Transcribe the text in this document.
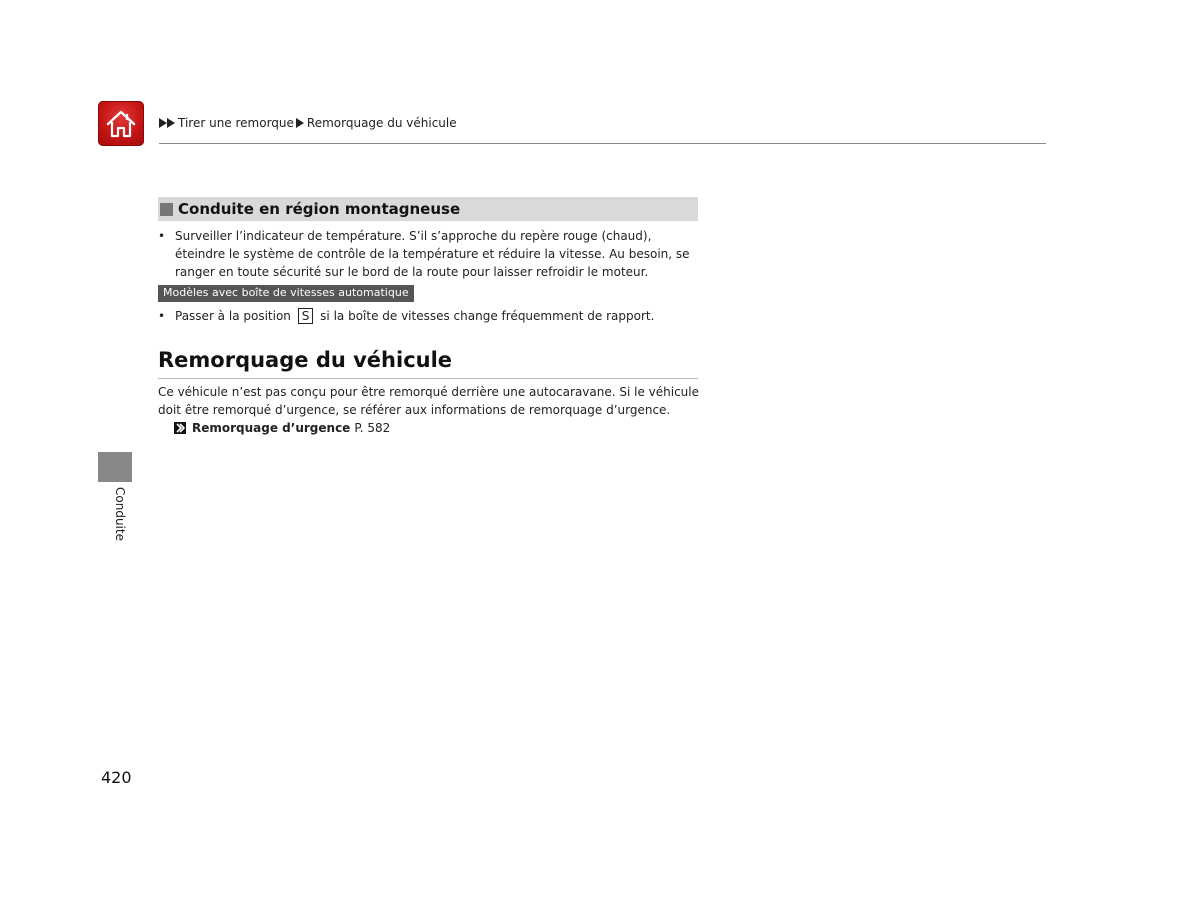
Tirer une remorque Remorquage du véhicule
Conduite en région montagneuse
• Surveiller l’indicateur de température. S’il s’approche du repère rouge (chaud), éteindre le système de contrôle de la température et réduire la vitesse. Au besoin, se ranger en toute sécurité sur le bord de la route pour laisser refroidir le moteur.
Modèles avec boîte de vitesses automatique
• Passer à la position S si la boîte de vitesses change fréquemment de rapport.
Remorquage du véhicule
Ce véhicule n’est pas conçu pour être remorqué derrière une autocaravane. Si le véhicule doit être remorqué d’urgence, se référer aux informations de remorquage d’urgence.
Remorquage d’urgence P. 582
Conduite
420
